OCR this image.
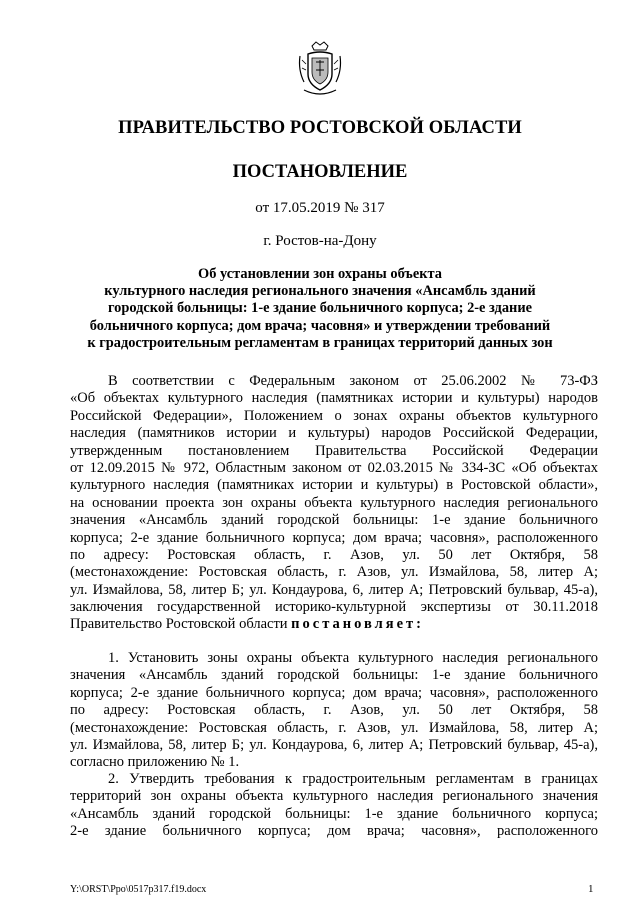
ПРАВИТЕЛЬСТВО РОСТОВСКОЙ ОБЛАСТИ
ПОСТАНОВЛЕНИЕ
от 17.05.2019 № 317
г. Ростов-на-Дону
Об установлении зон охраны объекта
культурного наследия регионального значения «Ансамбль зданий
городской больницы: 1-е здание больничного корпуса; 2-е здание
больничного корпуса; дом врача; часовня» и утверждении требований
к градостроительным регламентам в границах территорий данных зон
В соответствии с Федеральным законом от 25.06.2002 № 73-ФЗ
«Об объектах культурного наследия (памятниках истории и культуры) народов
Российской Федерации», Положением о зонах охраны объектов культурного
наследия (памятников истории и культуры) народов Российской Федерации,
утвержденным постановлением Правительства Российской Федерации
от 12.09.2015 № 972, Областным законом от 02.03.2015 № 334-ЗС «Об объектах
культурного наследия (памятниках истории и культуры) в Ростовской области»,
на основании проекта зон охраны объекта культурного наследия регионального
значения «Ансамбль зданий городской больницы: 1-е здание больничного
корпуса; 2-е здание больничного корпуса; дом врача; часовня», расположенного
по адресу: Ростовская область, г. Азов, ул. 50 лет Октября, 58
(местонахождение: Ростовская область, г. Азов, ул. Измайлова, 58, литер А;
ул. Измайлова, 58, литер Б; ул. Кондаурова, 6, литер А; Петровский бульвар, 45-а),
заключения государственной историко-культурной экспертизы от 30.11.2018
Правительство Ростовской области постановляет:
1. Установить зоны охраны объекта культурного наследия регионального
значения «Ансамбль зданий городской больницы: 1-е здание больничного
корпуса; 2-е здание больничного корпуса; дом врача; часовня», расположенного
по адресу: Ростовская область, г. Азов, ул. 50 лет Октября, 58
(местонахождение: Ростовская область, г. Азов, ул. Измайлова, 58, литер А;
ул. Измайлова, 58, литер Б; ул. Кондаурова, 6, литер А; Петровский бульвар, 45-а),
согласно приложению № 1.
2. Утвердить требования к градостроительным регламентам в границах
территорий зон охраны объекта культурного наследия регионального значения
«Ансамбль зданий городской больницы: 1-е здание больничного корпуса;
2-е здание больничного корпуса; дом врача; часовня», расположенного
Y:\ORST\Ppo\0517p317.f19.docx	1
